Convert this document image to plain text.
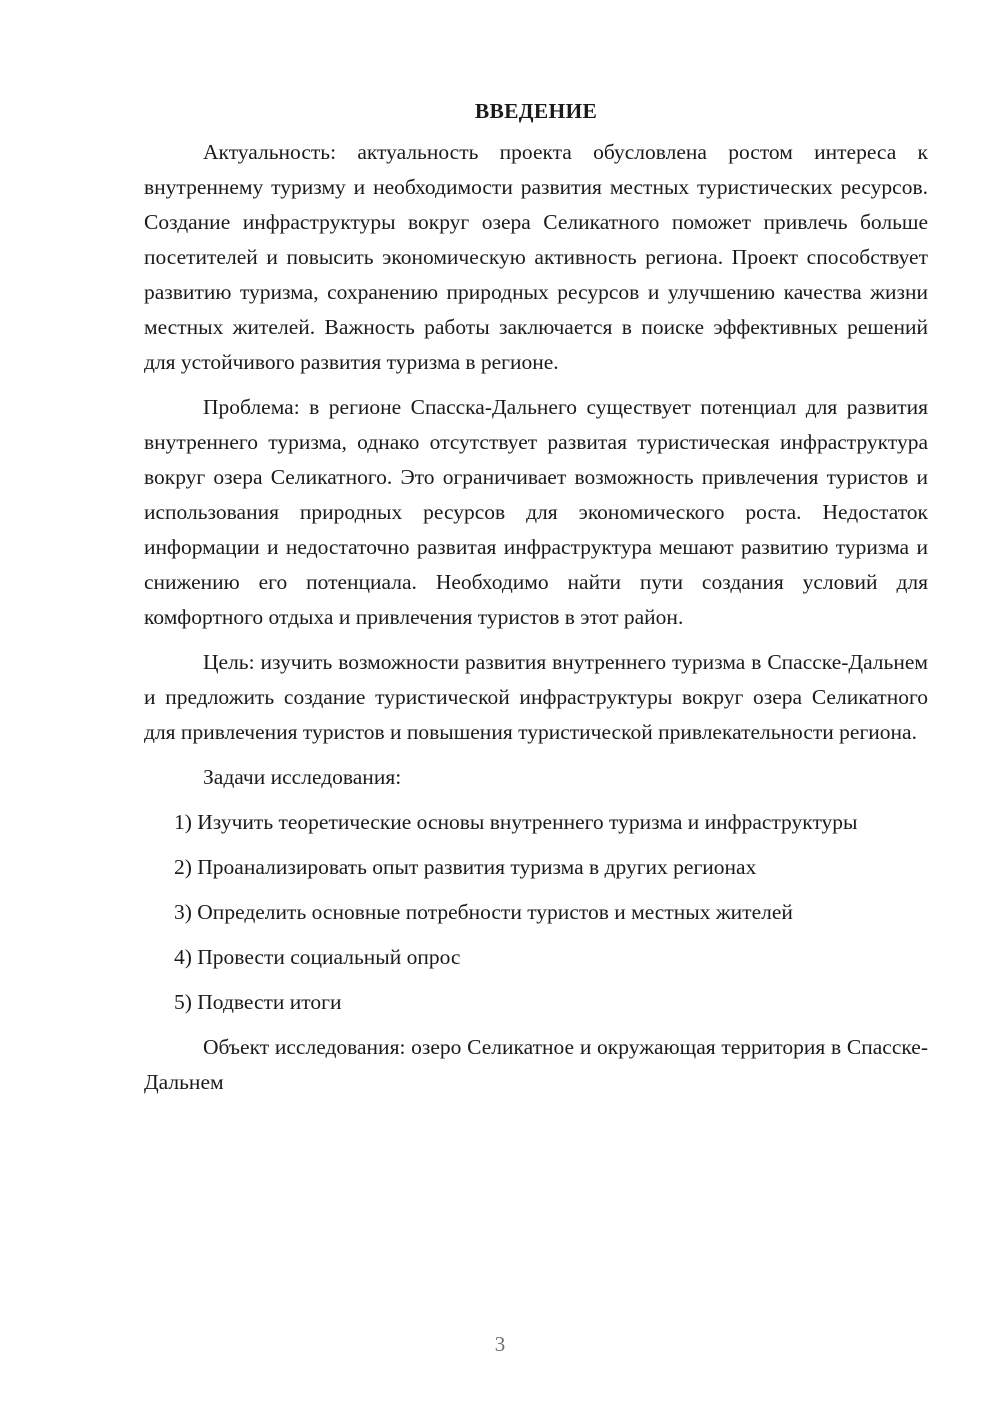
ВВЕДЕНИЕ

Актуальность: актуальность проекта обусловлена ростом интереса к внутреннему туризму и необходимости развития местных туристических ресурсов. Создание инфраструктуры вокруг озера Селикатного поможет привлечь больше посетителей и повысить экономическую активность региона. Проект способствует развитию туризма, сохранению природных ресурсов и улучшению качества жизни местных жителей. Важность работы заключается в поиске эффективных решений для устойчивого развития туризма в регионе.

Проблема: в регионе Спасска-Дальнего существует потенциал для развития внутреннего туризма, однако отсутствует развитая туристическая инфраструктура вокруг озера Селикатного. Это ограничивает возможность привлечения туристов и использования природных ресурсов для экономического роста. Недостаток информации и недостаточно развитая инфраструктура мешают развитию туризма и снижению его потенциала. Необходимо найти пути создания условий для комфортного отдыха и привлечения туристов в этот район.

Цель: изучить возможности развития внутреннего туризма в Спасске-Дальнем и предложить создание туристической инфраструктуры вокруг озера Селикатного для привлечения туристов и повышения туристической привлекательности региона.

Задачи исследования:

1) Изучить теоретические основы внутреннего туризма и инфраструктуры
2) Проанализировать опыт развития туризма в других регионах
3) Определить основные потребности туристов и местных жителей
4) Провести социальный опрос
5) Подвести итоги

Объект исследования: озеро Селикатное и окружающая территория в Спасске-Дальнем

3
